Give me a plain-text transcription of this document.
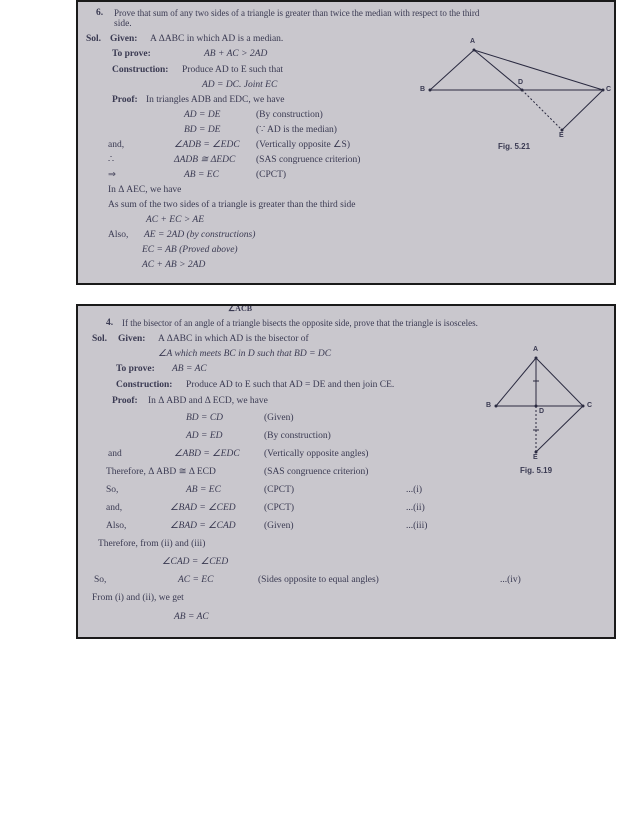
6. Prove that sum of any two sides of a triangle is greater than twice the median with respect to the third
side.
Sol. Given: A ΔABC in which AD is a median.
To prove:	AB + AC > 2AD
Construction: Produce AD to E such that
AD = DC. Joint EC
Proof: In triangles ADB and EDC, we have
AD = DE	(By construction)
BD = DE	(∵ AD is the median)
and,	∠ADB = ∠EDC (Vertically opposite ∠S)
∴	ΔADB ≅ ΔEDC (SAS congruence criterion)
⇒	AB = EC	(CPCT)
In Δ AEC, we have
As sum of the two sides of a triangle is greater than the third side
AC + EC > AE
Also, AE = 2AD (by constructions)
EC = AB (Proved above)
AC + AB > 2AD
A
B	C
D
E
Fig. 5.21
∠ACB
4. If the bisector of an angle of a triangle bisects the opposite side, prove that the triangle is isosceles.
Sol. Given: A ΔABC in which AD is the bisector of
∠A which meets BC in D such that BD = DC
To prove: AB = AC
Construction: Produce AD to E such that AD = DE and then join CE.
Proof: In Δ ABD and Δ ECD, we have
BD = CD	(Given)
AD = ED	(By construction)
and	∠ABD = ∠EDC	(Vertically opposite angles)
Therefore, Δ ABD ≅ Δ ECD	(SAS congruence criterion)
So,	AB = EC	(CPCT)	...(i)
and,	∠BAD = ∠CED	(CPCT)	...(ii)
Also,	∠BAD = ∠CAD	(Given)	...(iii)
Therefore, from (ii) and (iii)
∠CAD = ∠CED
So,	AC = EC	(Sides opposite to equal angles)	...(iv)
From (i) and (ii), we get
AB = AC
A
B	C
D
E
Fig. 5.19
